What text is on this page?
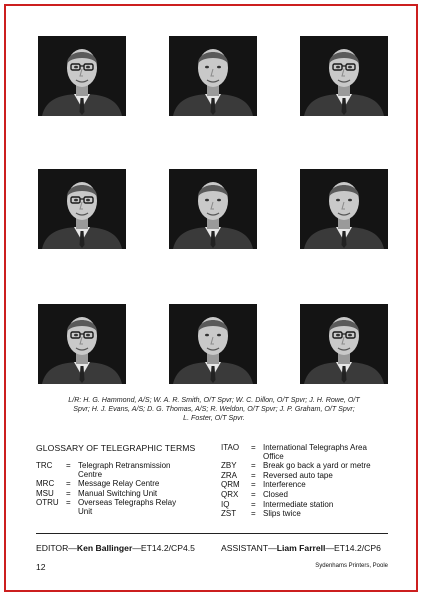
L/R: H. G. Hammond, A/S; W. A. R. Smith, O/T Spvr; W. C. Dillon, O/T Spvr; J. H. Rowe, O/T
Spvr; H. J. Evans, A/S; D. G. Thomas, A/S; R. Weldon, O/T Spvr; J. P. Graham, O/T Spvr;
L. Foster, O/T Spvr.
GLOSSARY OF TELEGRAPHIC TERMS
TRC	= Telegraph Retransmission
Centre
MRC	= Message Relay Centre
MSU	= Manual Switching Unit
OTRU = Overseas Telegraphs Relay
Unit
ITAO	= International Telegraphs Area
Office
ZBY	= Break go back a yard or metre
ZRA	= Reversed auto tape
QRM	= Interference
QRX	= Closed
IQ	= Intermediate station
ZST	= Slips twice
EDITOR—Ken Ballinger—ET14.2/CP4.5	ASSISTANT—Liam Farrell—ET14.2/CP6
12	Sydenhams Printers, Poole
